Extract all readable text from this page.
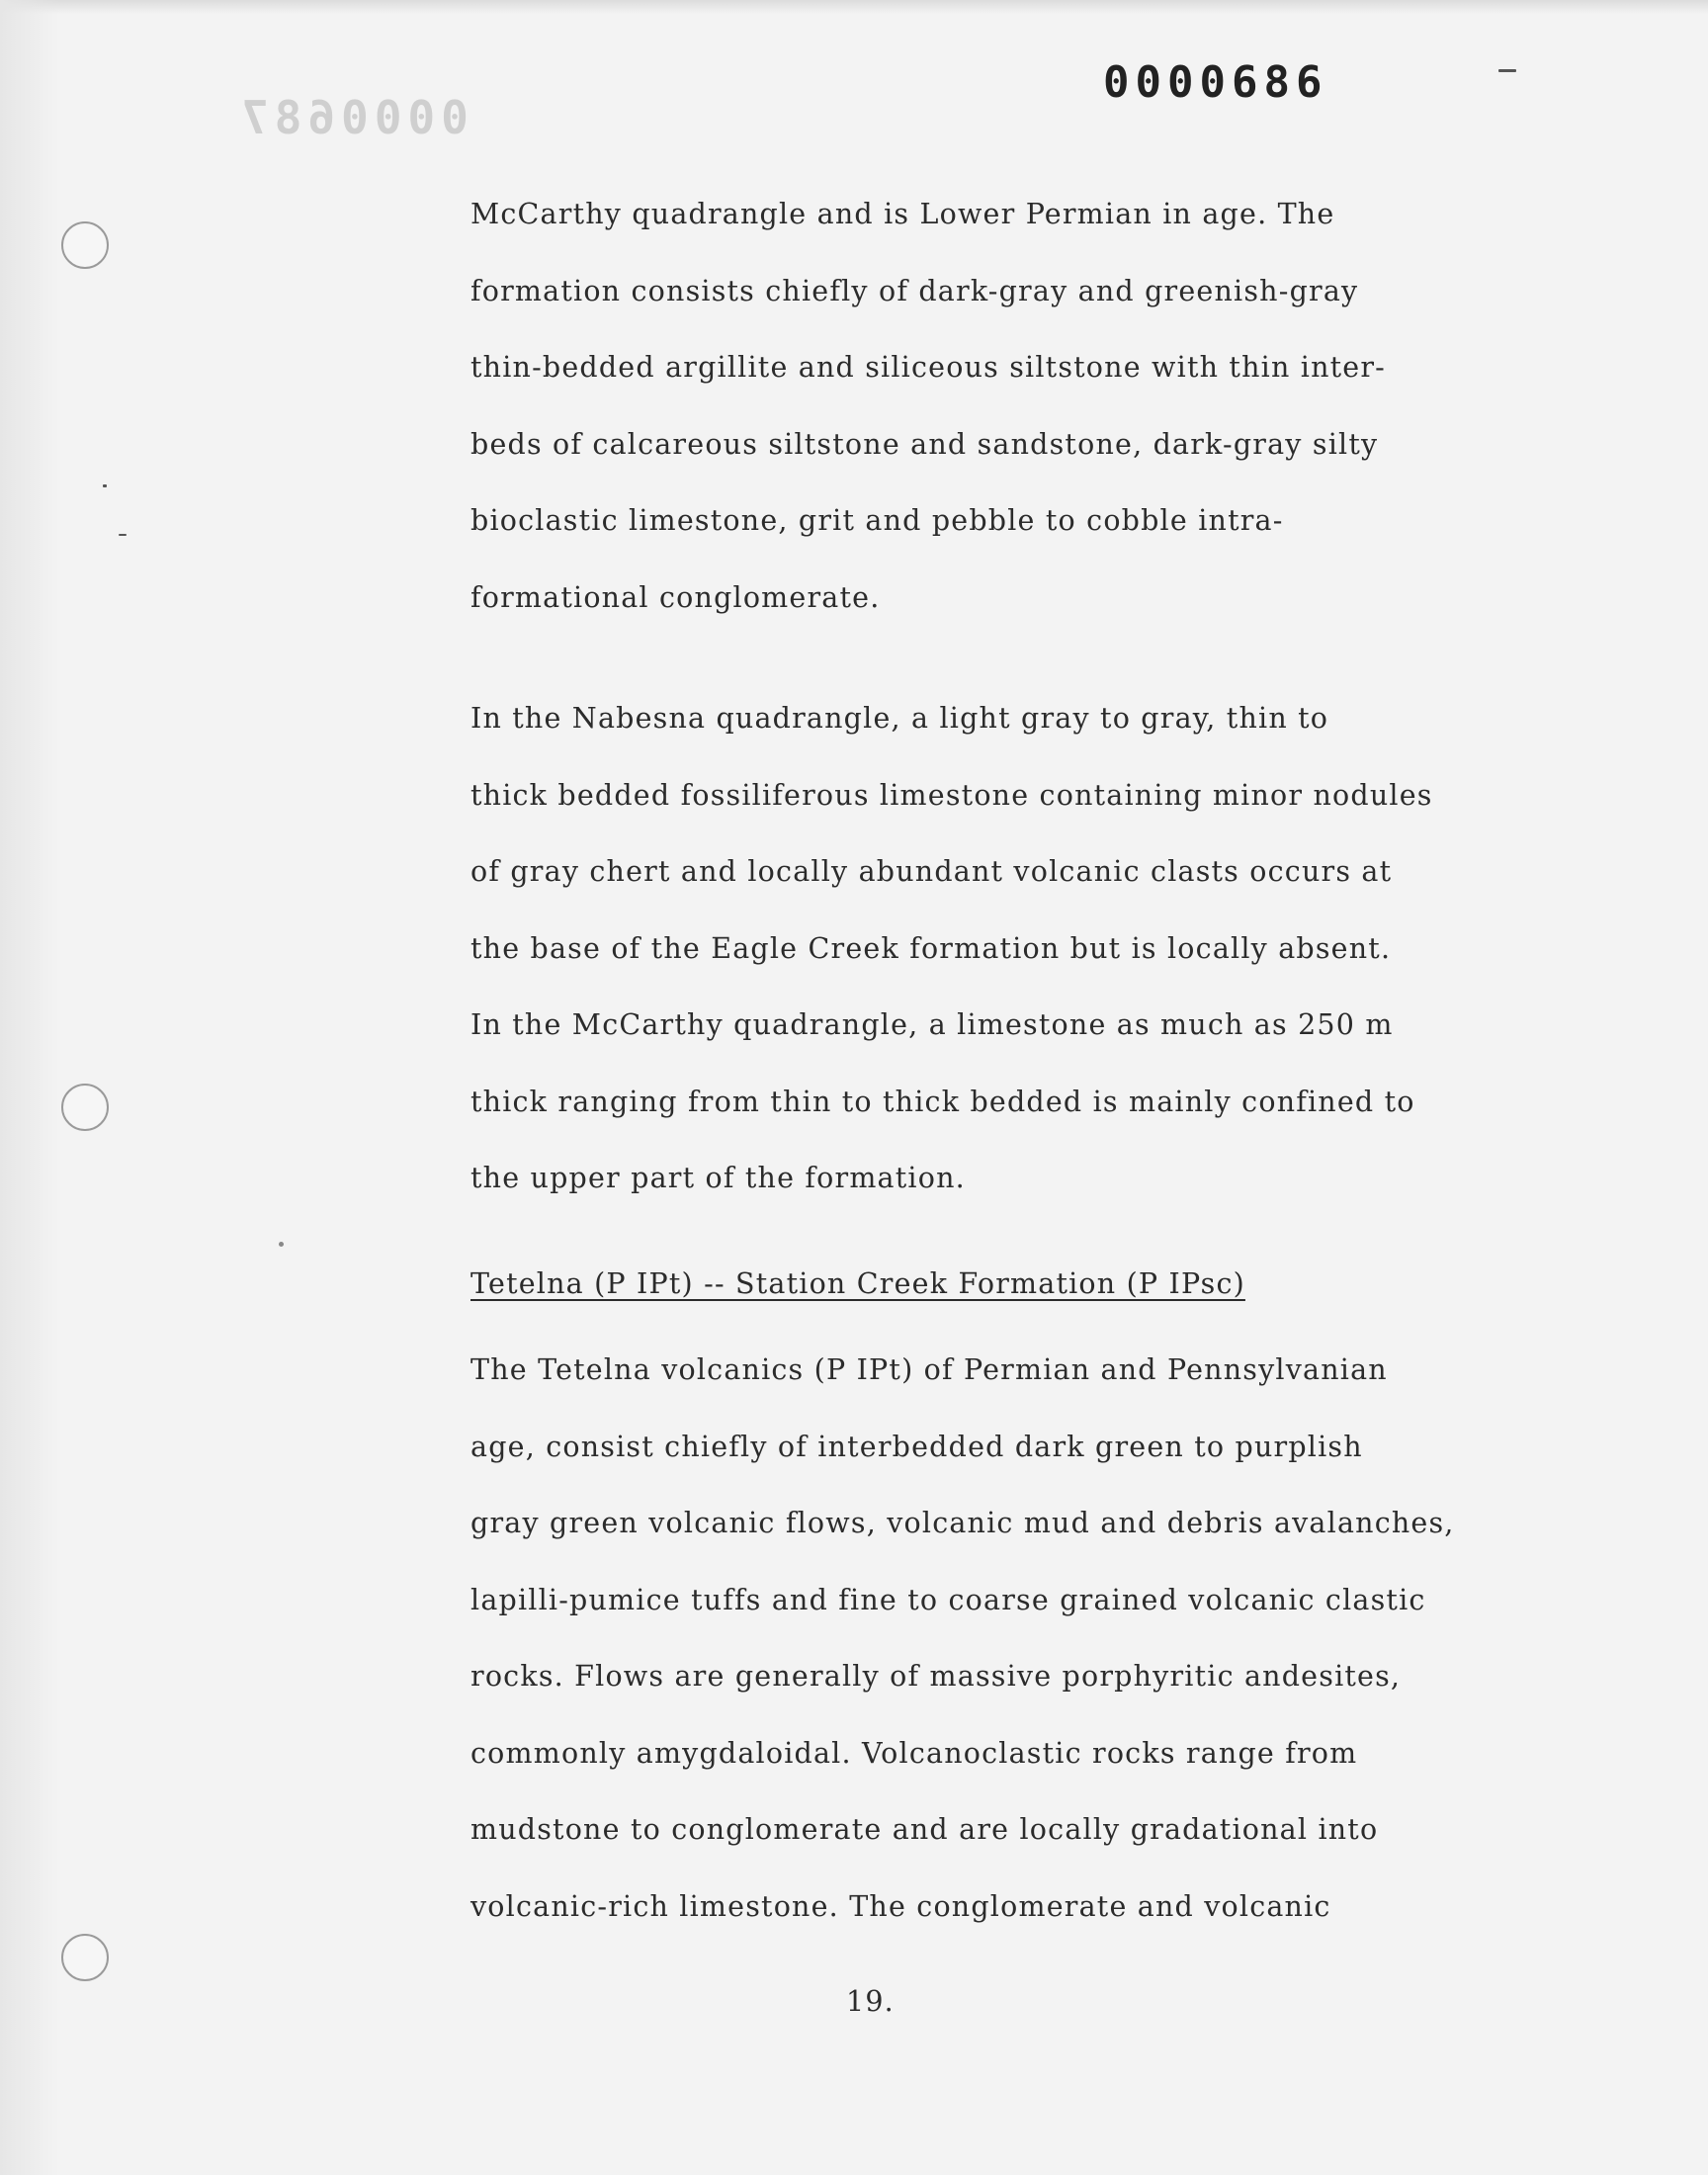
0000687
0000686
McCarthy quadrangle and is Lower Permian in age. The
formation consists chiefly of dark-gray and greenish-gray
thin-bedded argillite and siliceous siltstone with thin inter-
beds of calcareous siltstone and sandstone, dark-gray silty
bioclastic limestone, grit and pebble to cobble intra-
formational conglomerate.
In the Nabesna quadrangle, a light gray to gray, thin to
thick bedded fossiliferous limestone containing minor nodules
of gray chert and locally abundant volcanic clasts occurs at
the base of the Eagle Creek formation but is locally absent.
In the McCarthy quadrangle, a limestone as much as 250 m
thick ranging from thin to thick bedded is mainly confined to
the upper part of the formation.
Tetelna (P IPt) -- Station Creek Formation (P IPsc)
The Tetelna volcanics (P IPt) of Permian and Pennsylvanian
age, consist chiefly of interbedded dark green to purplish
gray green volcanic flows, volcanic mud and debris avalanches,
lapilli-pumice tuffs and fine to coarse grained volcanic clastic
rocks. Flows are generally of massive porphyritic andesites,
commonly amygdaloidal. Volcanoclastic rocks range from
mudstone to conglomerate and are locally gradational into
volcanic-rich limestone. The conglomerate and volcanic
19.
